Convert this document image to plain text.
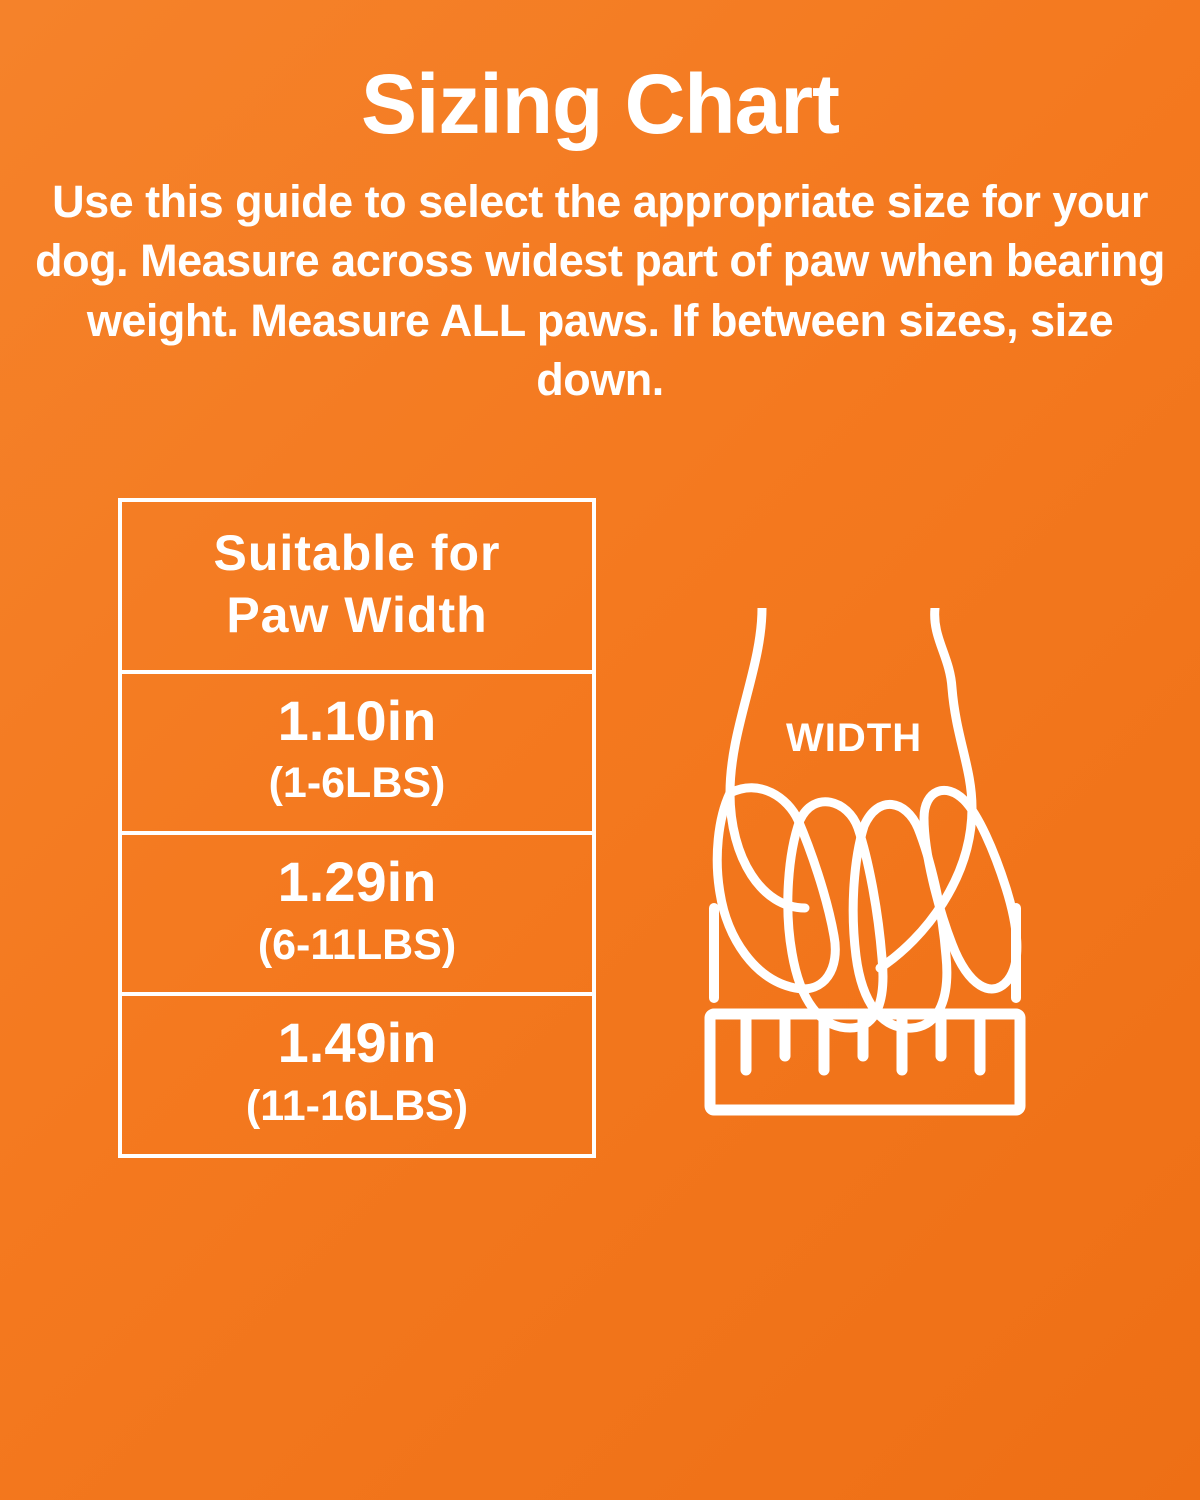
Sizing Chart
Use this guide to select the appropriate size for your dog. Measure across widest part of paw when bearing weight. Measure ALL paws. If between sizes, size down.
Suitable for
Paw Width
1.10in
(1-6LBS)
1.29in
(6-11LBS)
1.49in
(11-16LBS)
WIDTH
